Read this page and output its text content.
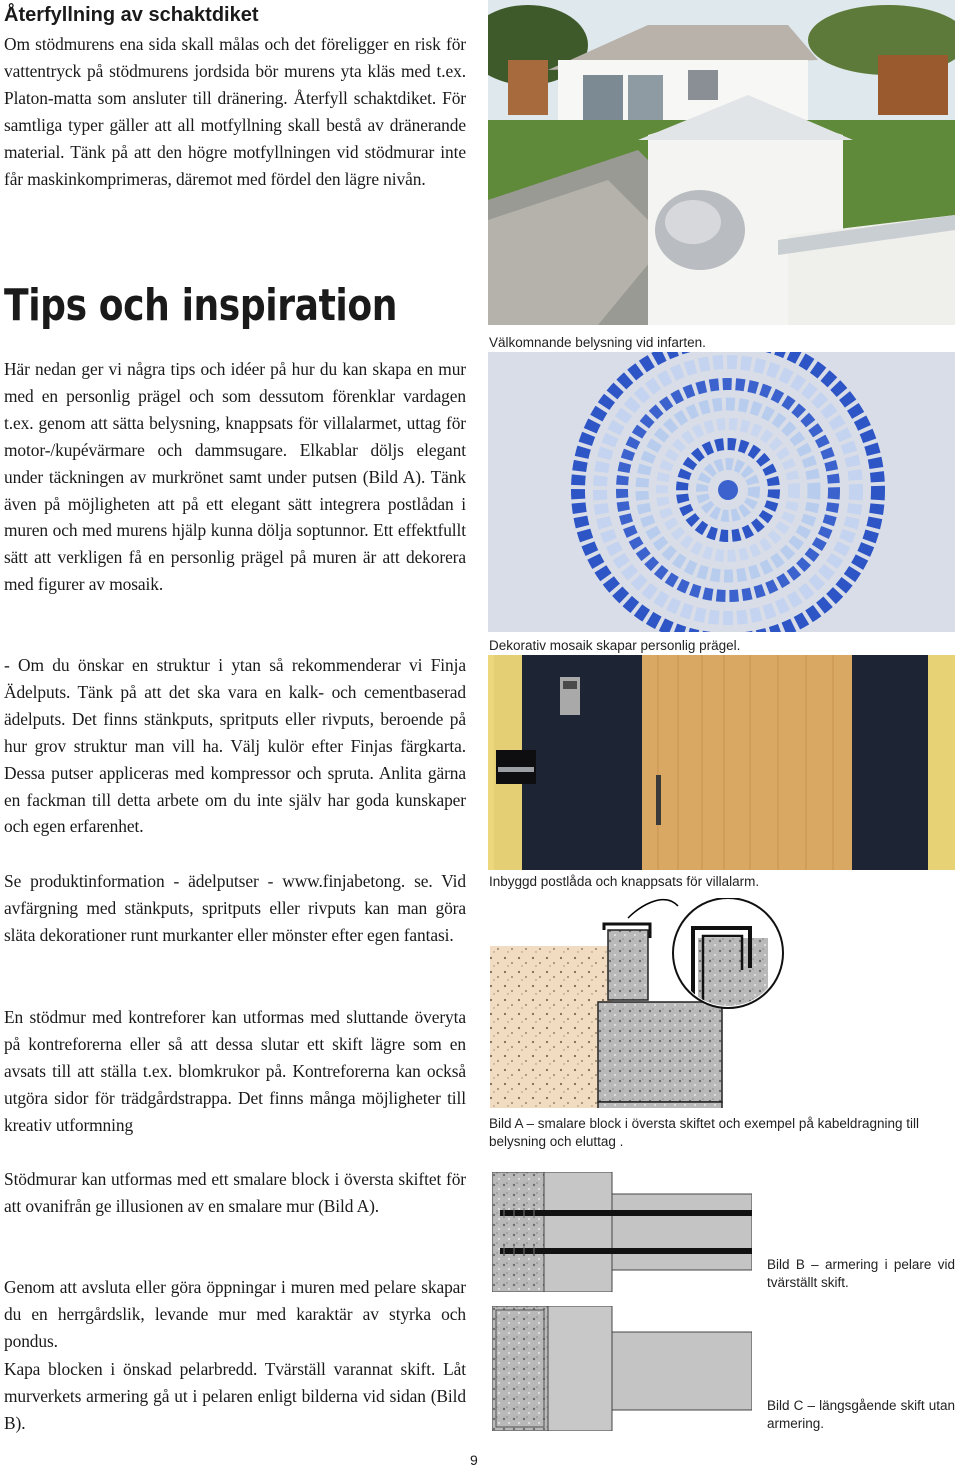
Återfyllning av schaktdiket

Om stödmurens ena sida skall målas och det föreligger en risk för vattentryck på stödmurens jordsida bör murens yta kläs med t.ex. Platon-matta som ansluter till dränering. Återfyll schaktdiket. För samtliga typer gäller att all motfyllning skall bestå av dränerande material. Tänk på att den högre motfyllningen vid stödmurar inte får maskinkomprimeras, däremot med fördel den lägre nivån.

Tips och inspiration

Här nedan ger vi några tips och idéer på hur du kan skapa en mur med en personlig prägel och som dessutom förenklar vardagen t.ex. genom att sätta belysning, knappsats för villalarmet, uttag för motor-/kupévärmare och dammsugare. Elkablar döljs elegant under täckningen av murkrönet samt under putsen (Bild A). Tänk även på möjligheten att på ett elegant sätt integrera postlådan i muren och med murens hjälp kunna dölja soptunnor. Ett effektfullt sätt att verkligen få en personlig prägel på muren är att dekorera med figurer av mosaik.

- Om du önskar en struktur i ytan så rekommenderar vi Finja Ädelputs. Tänk på att det ska vara en kalk- och cementbaserad ädelputs. Det finns stänkputs, spritputs eller rivputs, beroende på hur grov struktur man vill ha. Välj kulör efter Finjas färgkarta. Dessa putser appliceras med kompressor och spruta. Anlita gärna en fackman till detta arbete om du inte själv har goda kunskaper och egen erfarenhet.

Se produktinformation - ädelputser - www.finjabetong. se. Vid avfärgning med stänkputs, spritputs eller rivputs kan man göra släta dekorationer runt murkanter eller mönster efter egen fantasi.

En stödmur med kontreforer kan utformas med sluttande överyta på kontreforerna eller så att dessa slutar ett skift lägre som en avsats till att ställa t.ex. blomkrukor på. Kontreforerna kan också utgöra sidor för trädgårdstrappa. Det finns många möjligheter till kreativ utformning

Stödmurar kan utformas med ett smalare block i översta skiftet för att ovanifrån ge illusionen av en smalare mur (Bild A).

Genom att avsluta eller göra öppningar i muren med pelare skapar du en herrgårdslik, levande mur med karaktär av styrka och pondus.

Kapa blocken i önskad pelarbredd. Tvärställ varannat skift. Låt murverkets armering gå ut i pelaren enligt bilderna vid sidan (Bild B).

Välkomnande belysning vid infarten.
Dekorativ mosaik skapar personlig prägel.
Inbyggd postlåda och knappsats för villalarm.
Bild A – smalare block i översta skiftet och exempel på kabeldragning till belysning och eluttag .
Bild B – armering i pelare vid tvärställt skift.
Bild C – längsgående skift utan armering.
9
